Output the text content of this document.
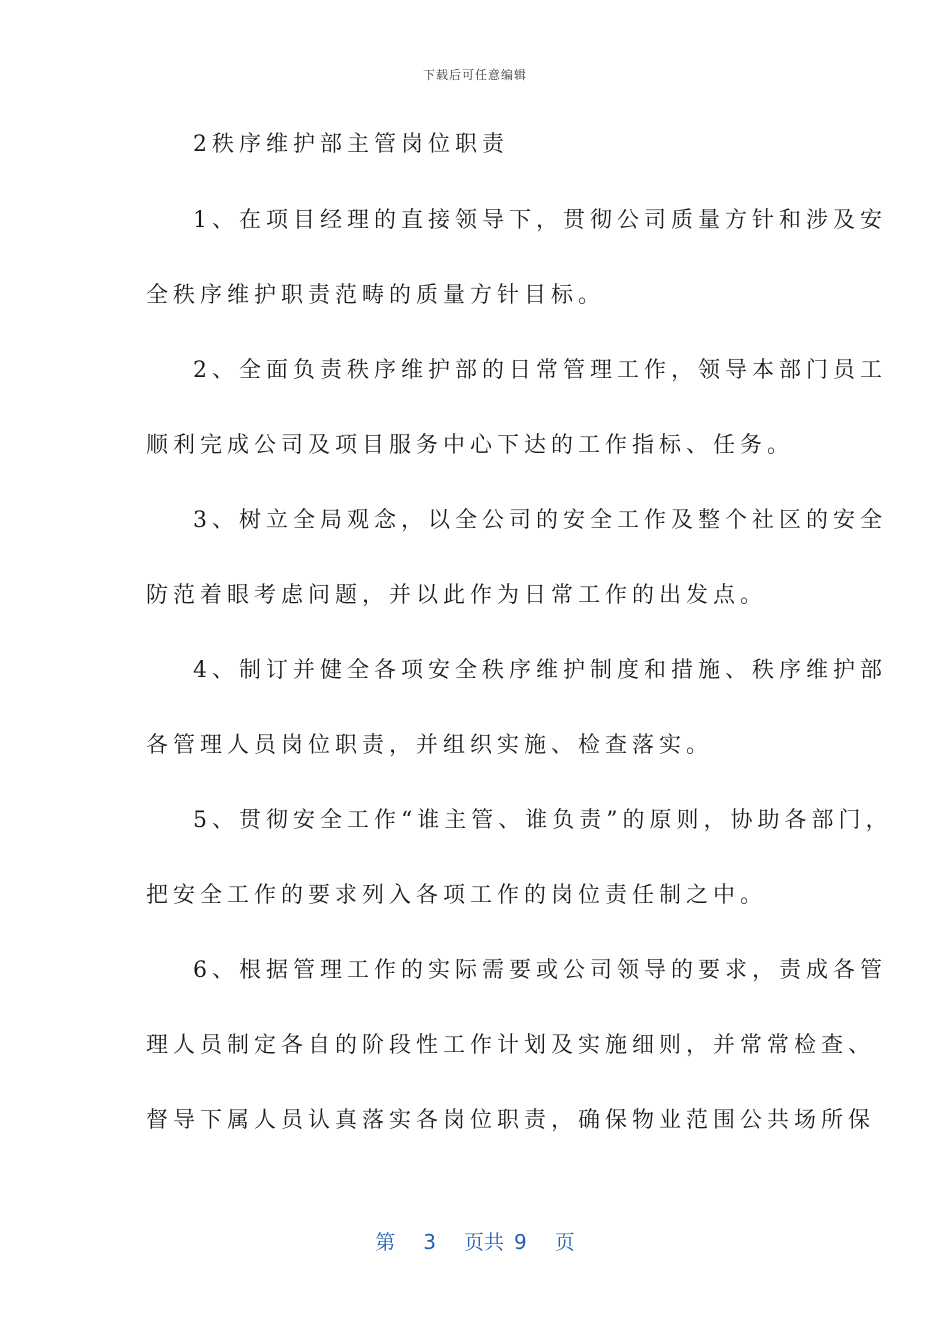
下载后可任意编辑
2秩序维护部主管岗位职责
1、在项目经理的直接领导下，贯彻公司质量方针和涉及安
全秩序维护职责范畴的质量方针目标。
2、全面负责秩序维护部的日常管理工作，领导本部门员工
顺利完成公司及项目服务中心下达的工作指标、任务。
3、树立全局观念，以全公司的安全工作及整个社区的安全
防范着眼考虑问题，并以此作为日常工作的出发点。
4、制订并健全各项安全秩序维护制度和措施、秩序维护部
各管理人员岗位职责，并组织实施、检查落实。
5、贯彻安全工作“谁主管、谁负责”的原则，协助各部门，
把安全工作的要求列入各项工作的岗位责任制之中。
6、根据管理工作的实际需要或公司领导的要求，责成各管
理人员制定各自的阶段性工作计划及实施细则，并常常检查、
督导下属人员认真落实各岗位职责，确保物业范围公共场所保
第 3 页共 9 页
